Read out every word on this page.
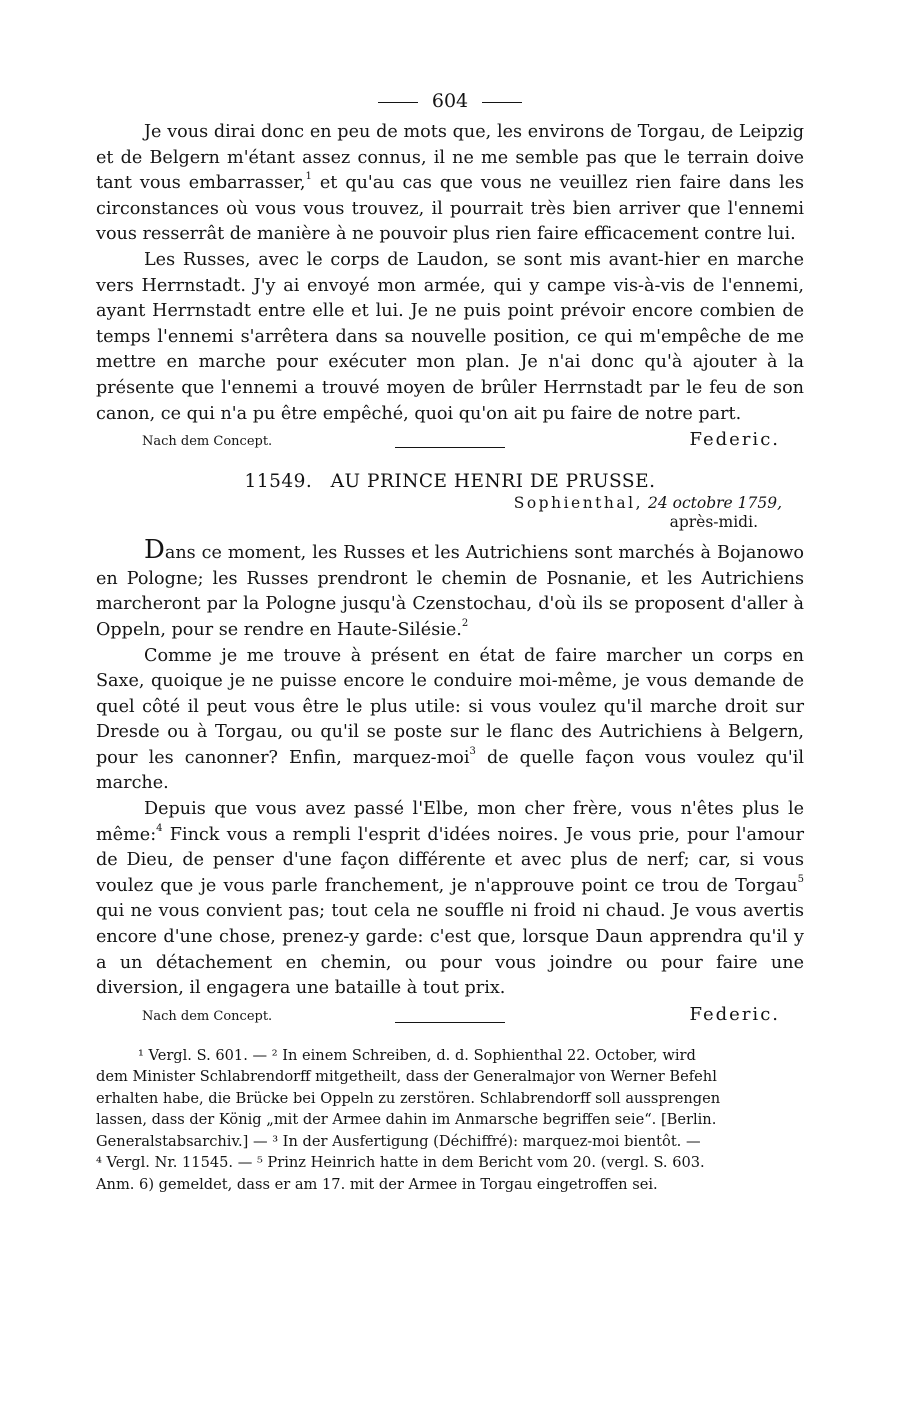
604

Je vous dirai donc en peu de mots que, les environs de Torgau, de Leipzig et de Belgern m'étant assez connus, il ne me semble pas que le terrain doive tant vous embarrasser,$^1$ et qu'au cas que vous ne veuillez rien faire dans les circonstances où vous vous trouvez, il pourrait très bien arriver que l'ennemi vous resserrât de manière à ne pouvoir plus rien faire efficacement contre lui.

Les Russes, avec le corps de Laudon, se sont mis avant-hier en marche vers Herrnstadt. J'y ai envoyé mon armée, qui y campe vis-à-vis de l'ennemi, ayant Herrnstadt entre elle et lui. Je ne puis point prévoir encore combien de temps l'ennemi s'arrêtera dans sa nouvelle position, ce qui m'empêche de me mettre en marche pour exécuter mon plan. Je n'ai donc qu'à ajouter à la présente que l'ennemi a trouvé moyen de brûler Herrnstadt par le feu de son canon, ce qui n'a pu être empêché, quoi qu'on ait pu faire de notre part.

Nach dem Concept.	Federic.
11549. AU PRINCE HENRI DE PRUSSE.
Sophienthal, 24 octobre 1759,
après-midi.

Dans ce moment, les Russes et les Autrichiens sont marchés à Bojanowo en Pologne; les Russes prendront le chemin de Posnanie, et les Autrichiens marcheront par la Pologne jusqu'à Czenstochau, d'où ils se proposent d'aller à Oppeln, pour se rendre en Haute-Silésie.$^2$

Comme je me trouve à présent en état de faire marcher un corps en Saxe, quoique je ne puisse encore le conduire moi-même, je vous demande de quel côté il peut vous être le plus utile: si vous voulez qu'il marche droit sur Dresde ou à Torgau, ou qu'il se poste sur le flanc des Autrichiens à Belgern, pour les canonner? Enfin, marquez-moi$^3$ de quelle façon vous voulez qu'il marche.

Depuis que vous avez passé l'Elbe, mon cher frère, vous n'êtes plus le même:$^4$ Finck vous a rempli l'esprit d'idées noires. Je vous prie, pour l'amour de Dieu, de penser d'une façon différente et avec plus de nerf; car, si vous voulez que je vous parle franchement, je n'approuve point ce trou de Torgau$^5$ qui ne vous convient pas; tout cela ne souffle ni froid ni chaud. Je vous avertis encore d'une chose, prenez-y garde: c'est que, lorsque Daun apprendra qu'il y a un détachement en chemin, ou pour vous joindre ou pour faire une diversion, il engagera une bataille à tout prix.

Nach dem Concept.	Federic.

¹ Vergl. S. 601. — ² In einem Schreiben, d. d. Sophienthal 22. October, wird

dem Minister Schlabrendorff mitgetheilt, dass der Generalmajor von Werner Befehl
erhalten habe, die Brücke bei Oppeln zu zerstören. Schlabrendorff soll aussprengen
lassen, dass der König „mit der Armee dahin im Anmarsche begriffen seie“. [Berlin.
Generalstabsarchiv.] — ³ In der Ausfertigung (Déchiffré): marquez-moi bientôt. —
⁴ Vergl. Nr. 11545. — ⁵ Prinz Heinrich hatte in dem Bericht vom 20. (vergl. S. 603.
Anm. 6) gemeldet, dass er am 17. mit der Armee in Torgau eingetroffen sei.
